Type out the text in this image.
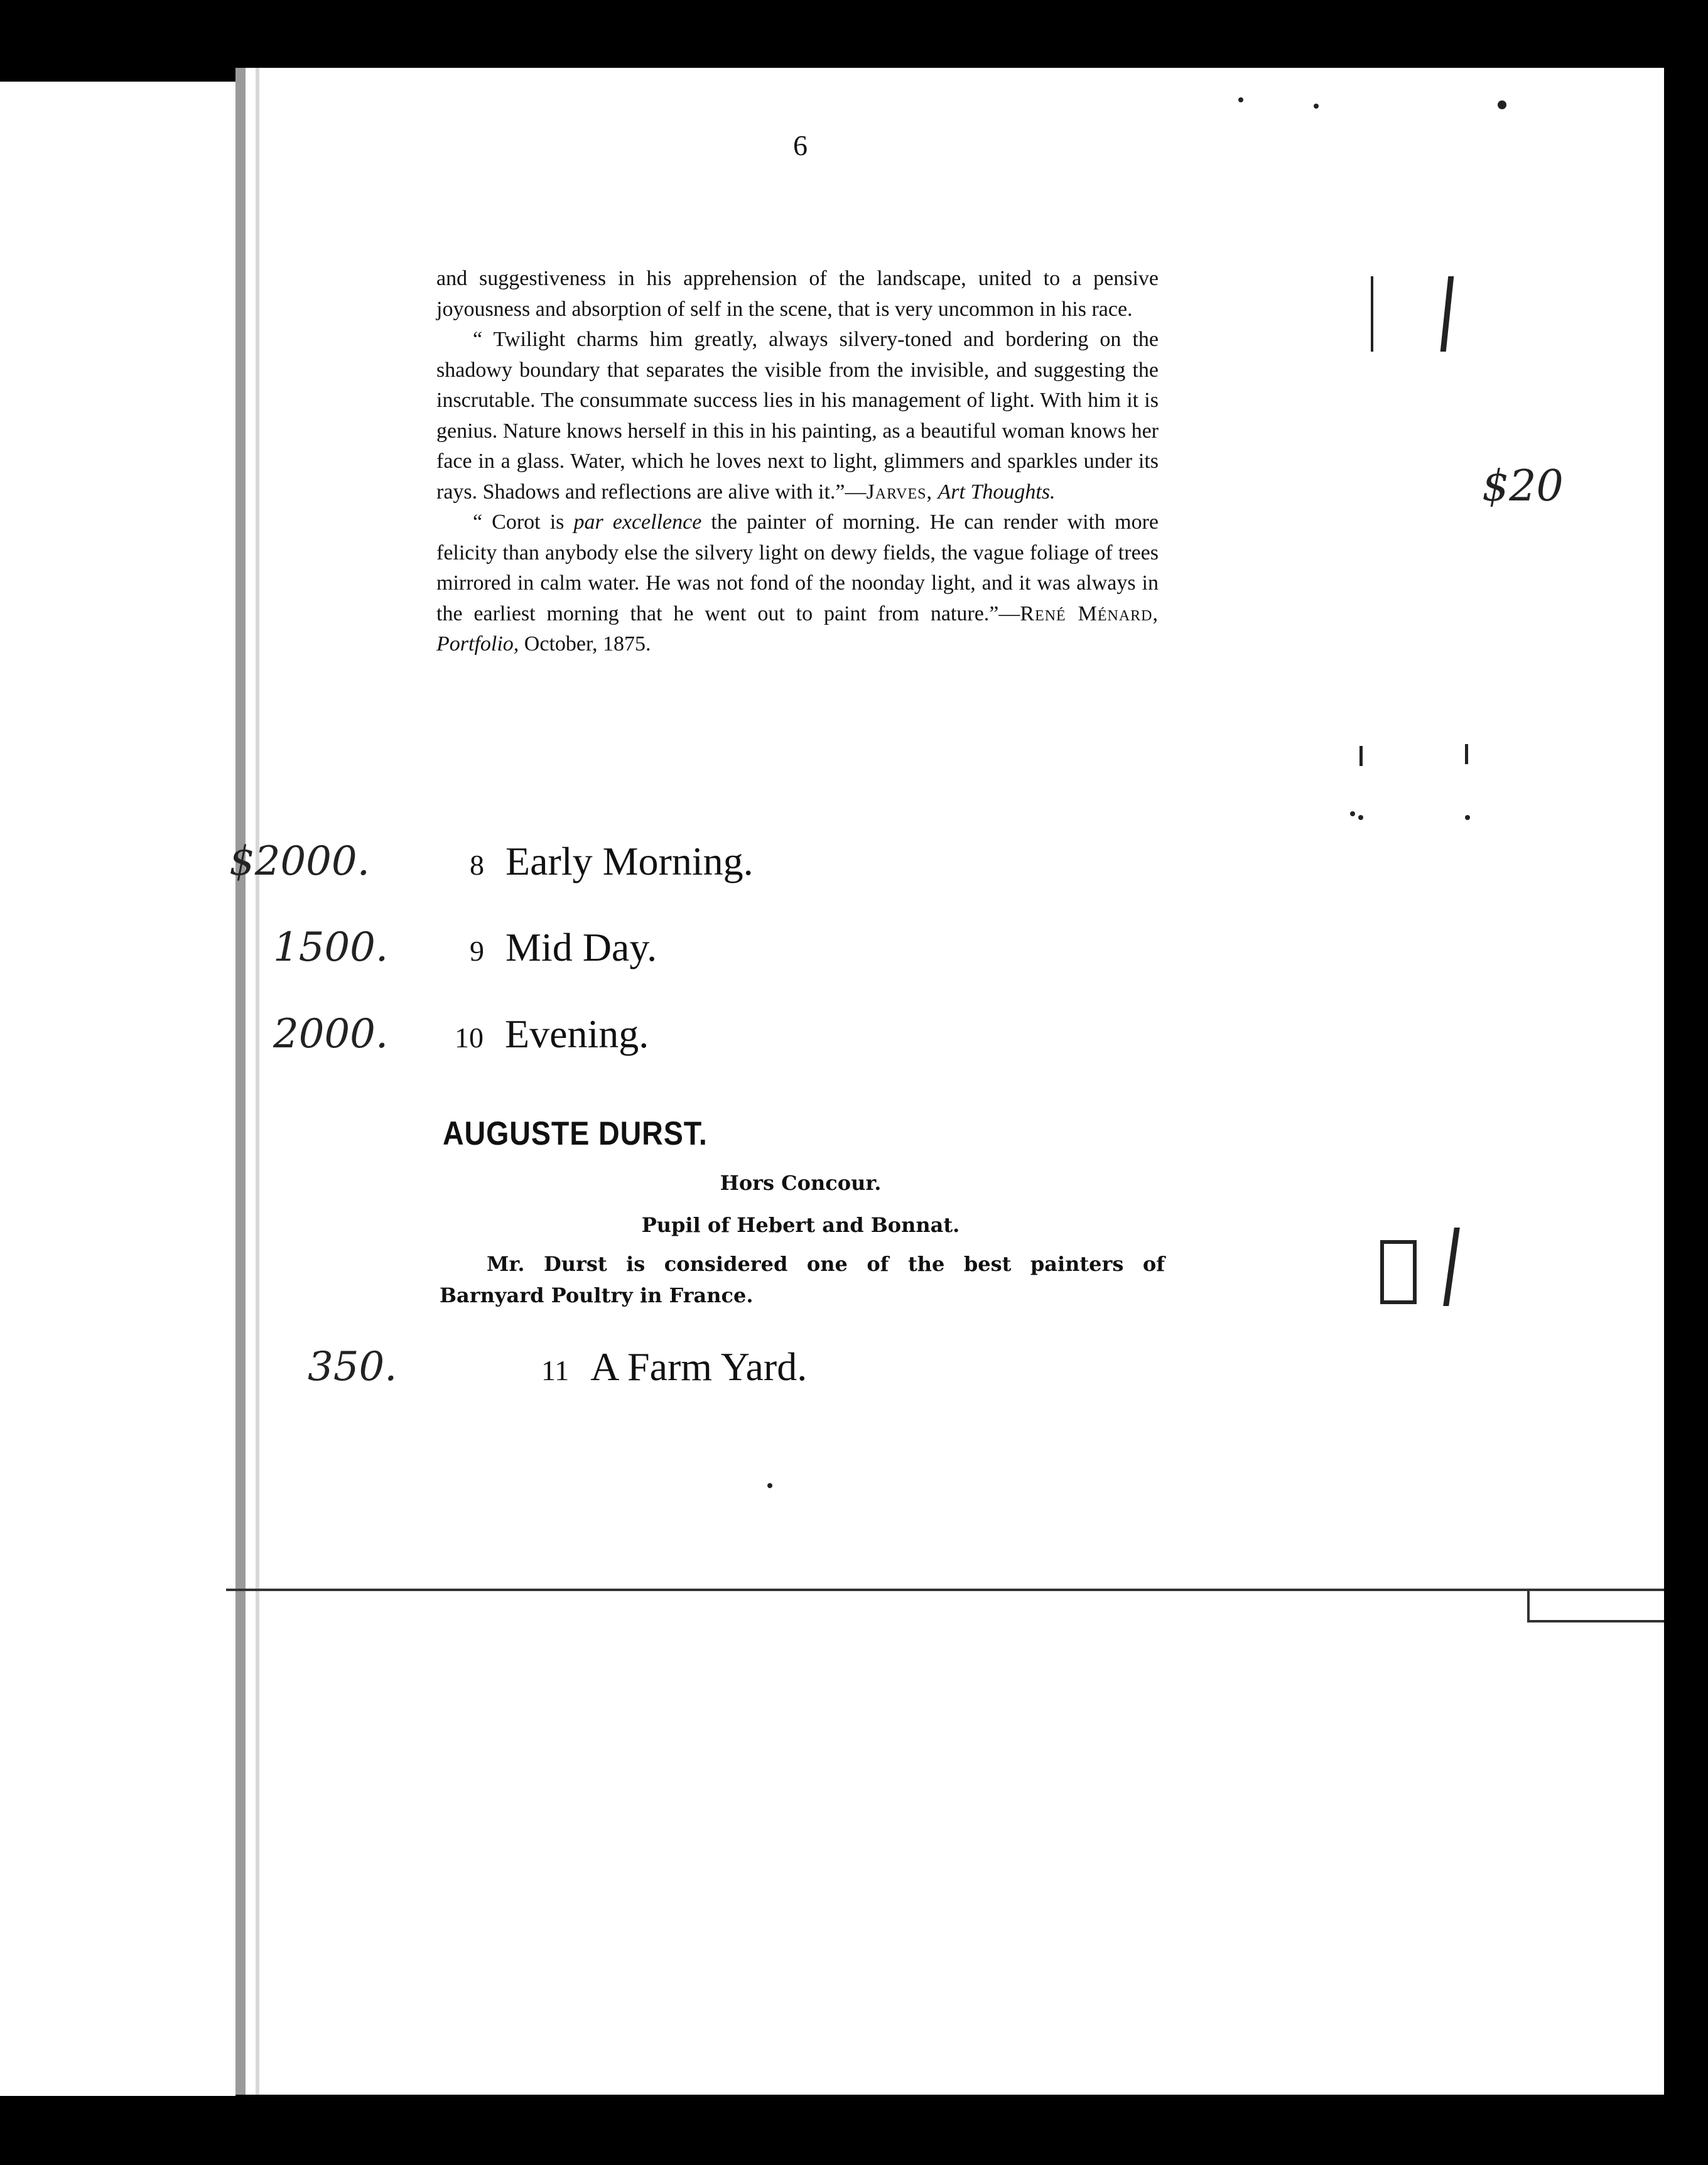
6

and suggestiveness in his apprehension of the landscape, united to a pensive joyousness and absorption of self in the scene, that is very uncommon in his race.

“ Twilight charms him greatly, always silvery-toned and bordering on the shadowy boundary that separates the visible from the invisible, and suggesting the inscrutable. The consummate success lies in his management of light. With him it is genius. Nature knows herself in this in his painting, as a beautiful woman knows her face in a glass. Water, which he loves next to light, glimmers and sparkles under its rays. Shadows and reflections are alive with it.”—Jarves, Art Thoughts.

“ Corot is par excellence the painter of morning. He can render with more felicity than anybody else the silvery light on dewy fields, the vague foliage of trees mirrored in calm water. He was not fond of the noonday light, and it was always in the earliest morning that he went out to paint from nature.”—René Ménard, Portfolio, October, 1875.

$2000.	8 Early Morning.
1500.	9 Mid Day.
2000. 10 Evening.
AUGUSTE DURST.
Hors Concour.
Pupil of Hebert and Bonnat.

Mr. Durst is considered one of the best painters of Barnyard Poultry in France.

350.	11 A Farm Yard.
$20
